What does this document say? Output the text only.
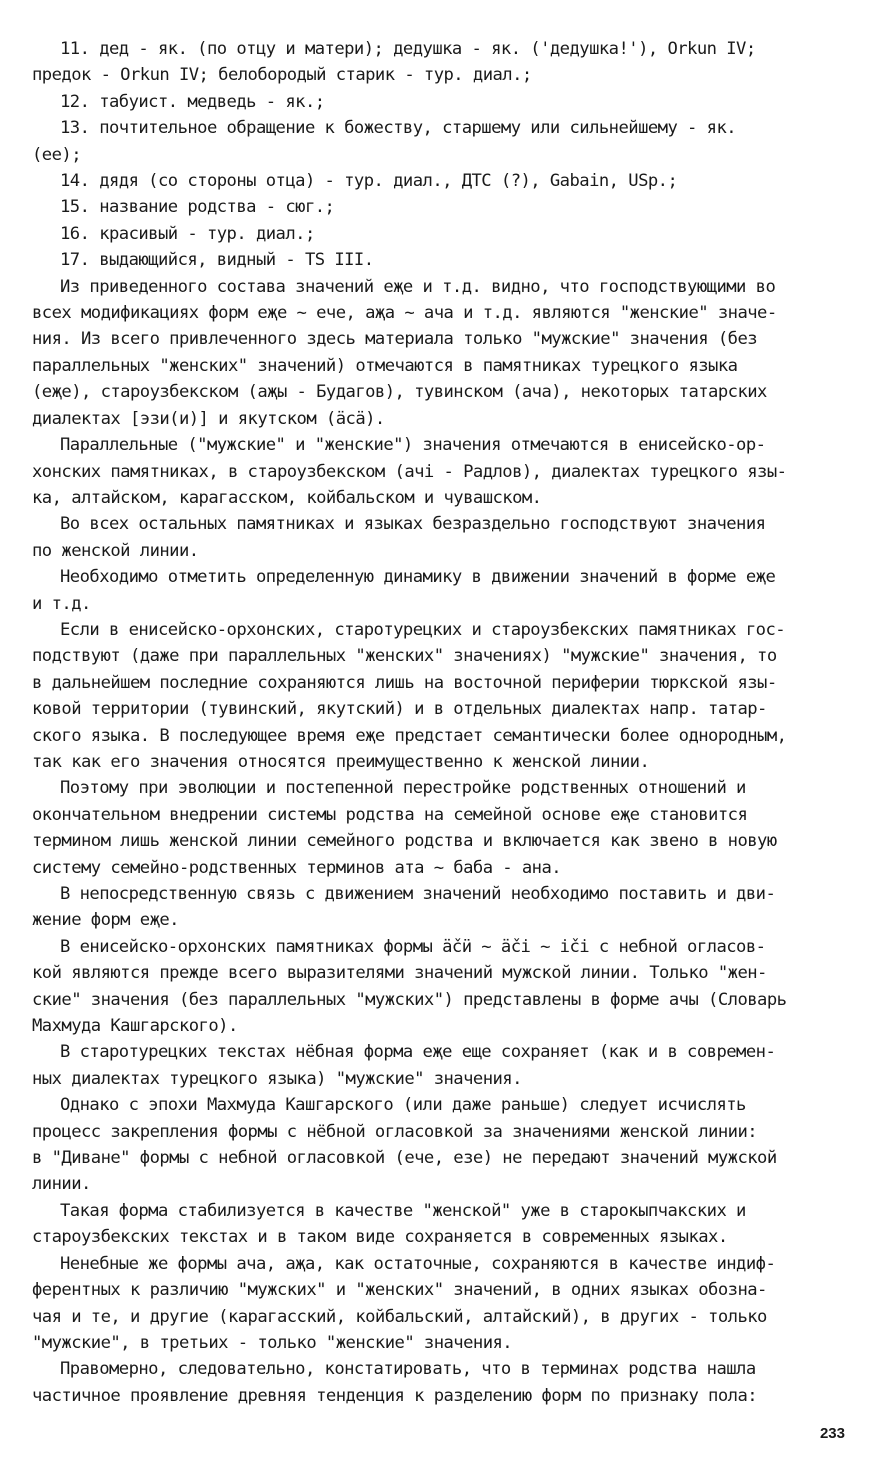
11. дед - як. (по отцу и матери); дедушка - як. ('дедушка!'), Orkun IV;
предок - Orkun IV; белобородый старик - тур. диал.;
12. табуист. медведь - як.;
13. почтительное обращение к божеству, старшему или сильнейшему - як.
(ее);
14. дядя (со стороны отца) - тур. диал., ДТС (?), Gabain, USp.;
15. название родства - сюг.;
16. красивый - тур. диал.;
17. выдающийся, видный - TS III.
Из приведенного состава значений еҗе и т.д. видно, что господствующими во
всех модификациях форм еҗе ~ ече, аҗа ~ ача и т.д. являются "женские" значе-
ния. Из всего привлеченного здесь материала только "мужские" значения (без
параллельных "женских" значений) отмечаются в памятниках турецкого языка
(еҗе), староузбекском (аҗы - Будагов), тувинском (ача), некоторых татарских
диалектах [эзи(и)] и якутском (ӓсӓ).
Параллельные ("мужские" и "женские") значения отмечаются в енисейско-ор-
хонских памятниках, в староузбекском (ачі - Радлов), диалектах турецкого язы-
ка, алтайском, карагасском, койбальском и чувашском.
Во всех остальных памятниках и языках безраздельно господствуют значения
по женской линии.
Необходимо отметить определенную динамику в движении значений в форме еҗе
и т.д.
Если в енисейско-орхонских, старотурецких и староузбекских памятниках гос-
подствуют (даже при параллельных "женских" значениях) "мужские" значения, то
в дальнейшем последние сохраняются лишь на восточной периферии тюркской язы-
ковой территории (тувинский, якутский) и в отдельных диалектах напр. татар-
ского языка. В последующее время еҗе предстает семантически более однородным,
так как его значения относятся преимущественно к женской линии.
Поэтому при эволюции и постепенной перестройке родственных отношений и
окончательном внедрении системы родства на семейной основе еҗе становится
термином лишь женской линии семейного родства и включается как звено в новую
систему семейно-родственных терминов ата ~ баба - ана.
В непосредственную связь с движением значений необходимо поставить и дви-
жение форм еҗе.
В енисейско-орхонских памятниках формы ӓčӥ ~ ӓčі ~ іčі с небной огласов-
кой являются прежде всего выразителями значений мужской линии. Только "жен-
ские" значения (без параллельных "мужских") представлены в форме ачы (Словарь
Махмуда Кашгарского).
В старотурецких текстах нёбная форма еҗе еще сохраняет (как и в современ-
ных диалектах турецкого языка) "мужские" значения.
Однако с эпохи Махмуда Кашгарского (или даже раньше) следует исчислять
процесс закрепления формы с нёбной огласовкой за значениями женской линии:
в "Диване" формы с небной огласовкой (ече, езе) не передают значений мужской
линии.
Такая форма стабилизуется в качестве "женской" уже в старокыпчакских и
староузбекских текстах и в таком виде сохраняется в современных языках.
Ненебные же формы ача, аҗа, как остаточные, сохраняются в качестве индиф-
ферентных к различию "мужских" и "женских" значений, в одних языках обозна-
чая и те, и другие (карагасский, койбальский, алтайский), в других - только
"мужские", в третьих - только "женские" значения.
Правомерно, следовательно, констатировать, что в терминах родства нашла
частичное проявление древняя тенденция к разделению форм по признаку пола:
233
